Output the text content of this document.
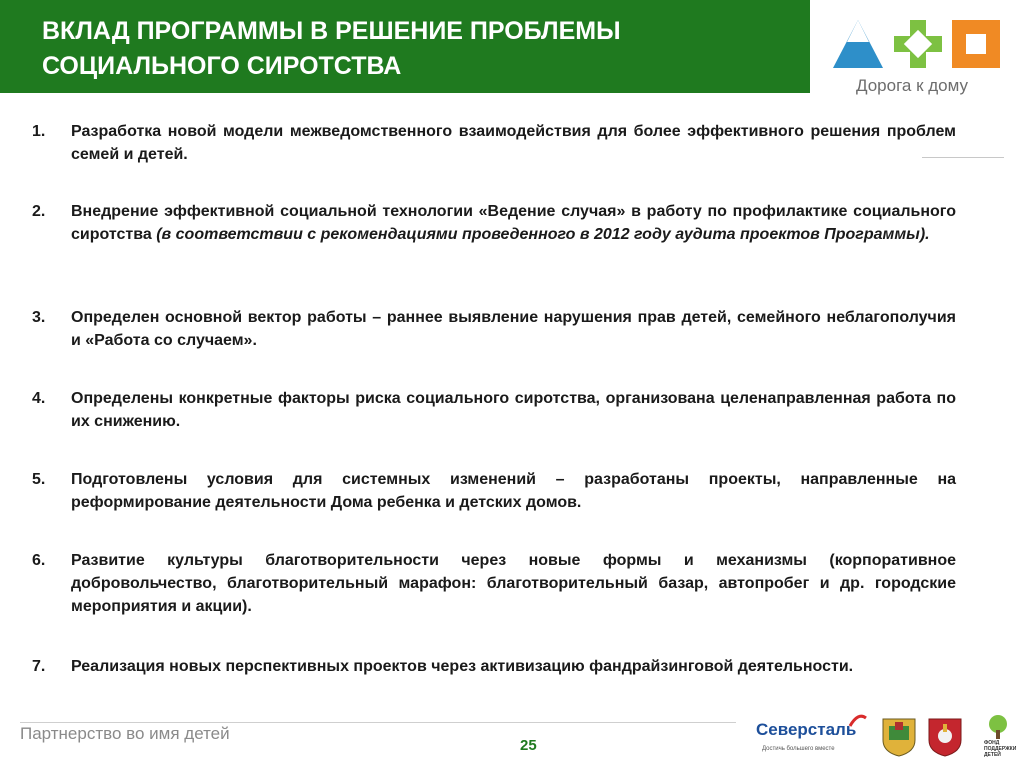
ВКЛАД ПРОГРАММЫ В РЕШЕНИЕ ПРОБЛЕМЫ СОЦИАЛЬНОГО СИРОТСТВА
Дорога к дому
1.	Разработка новой модели межведомственного взаимодействия для более эффективного решения проблем семей и детей.
2.	Внедрение эффективной социальной технологии «Ведение случая» в работу по профилактике социального сиротства (в соответствии с рекомендациями проведенного в 2012 году аудита проектов Программы).
3.	Определен основной вектор работы – раннее выявление нарушения прав детей, семейного неблагополучия и «Работа со случаем».
4.	Определены конкретные факторы риска социального сиротства, организована целенаправленная работа по их снижению.
5.	Подготовлены условия для системных изменений – разработаны проекты, направленные на реформирование деятельности Дома ребенка и детских домов.
6.	Развитие культуры благотворительности через новые формы и механизмы (корпоративное добровольчество, благотворительный марафон: благотворительный базар, автопробег и др. городские мероприятия и акции).
7.	Реализация новых перспективных проектов через активизацию фандрайзинговой деятельности.
Партнерство во имя детей
25
Северсталь
Достичь большего вместе
ФОНД ПОДДЕРЖКИ ДЕТЕЙ
